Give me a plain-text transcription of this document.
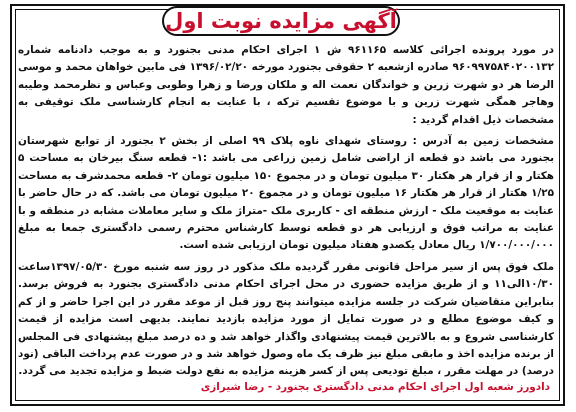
آگهی مزایده نوبت اول

در مورد پرونده اجرائی کلاسه ۹۶۱۱۶۵ ش ۱ اجرای احکام مدنی بجنورد و به موجب دادنامه شماره ۹۶۰۹۹۷۵۸۴۰۲۰۰۱۳۲ صادره ازشعبه ۲ حقوقی بجنورد مورخه ۱۳۹۶/۰۲/۲۰ فی مابین خواهان محمد و موسی الرضا هر دو شهرت زرین و خواندگان نعمت اله و ملکان ورضا و زهرا وطوبی وعباس و نظرمحمد وطیبه وهاجر همگی شهرت زرین و با موضوع تقسیم ترکه ، با عنایت به انجام کارشناسی ملک توقیفی به مشخصات ذیل اقدام گردید :

مشخصات زمین به آدرس : روستای شهدای ناوه پلاک ۹۹ اصلی از بخش ۲ بجنورد از توابع شهرستان بجنورد می باشد دو قطعه از اراضی شامل زمین زراعی می باشد :۱- قطعه سنگ بیرخان به مساحت ۵ هکتار و از قرار هر هکتار ۳۰ میلیون تومان و در مجموع ۱۵۰ میلیون تومان ۲- قطعه محمدشرف به مساحت ۱/۲۵ هکتار از قرار هر هکتار ۱۶ میلیون تومان و در مجموع ۲۰ میلیون تومان می باشد. که در حال حاضر با عنایت به موقعیت ملک - ارزش منطقه ای - کاربری ملک -متراژ ملک و سایر معاملات مشابه در منطقه و با عنایت به مراتب فوق و ارزیابی هر دو قطعه توسط کارشناس محترم رسمی دادگستری جمعا به مبلغ ۱/۷۰۰/۰۰۰/۰۰۰ ریال معادل یکصدو هفتاد میلیون تومان ارزیابی شده است.

ملک فوق پس از سیر مراحل قانونی مقرر گردیده ملک مذکور در روز سه شنبه مورخ ۱۳۹۷/۰۵/۳۰ساعت ۱۰/۳۰الی۱۱ و از طریق مزایده حضوری در محل اجرای احکام مدنی دادگستری بجنورد به فروش برسد. بنابراین متقاضیان شرکت در جلسه مزایده میتوانند پنج روز قبل از موعد مقرر در این اجرا حاضر و از کم و کیف موضوع مطلع و در صورت تمایل از مورد مزایده بازدید نمایند. بدیهی است مزایده از قیمت کارشناسی شروع و به بالاترین قیمت پیشنهادی واگذار خواهد شد و ده درصد مبلغ پیشنهادی فی المجلس از برنده مزایده اخذ و مابقی مبلغ نیز ظرف یک ماه وصول خواهد شد و در صورت عدم پرداخت الباقی (نود درصد) در مهلت مقرر ، مبلغ تودیعی پس از کسر هزینه مزایده به نفع دولت ضبط و مزایده تجدید می گردد.

دادورز شعبه اول اجرای احکام مدنی دادگستری بجنورد - رضا شیرازی
